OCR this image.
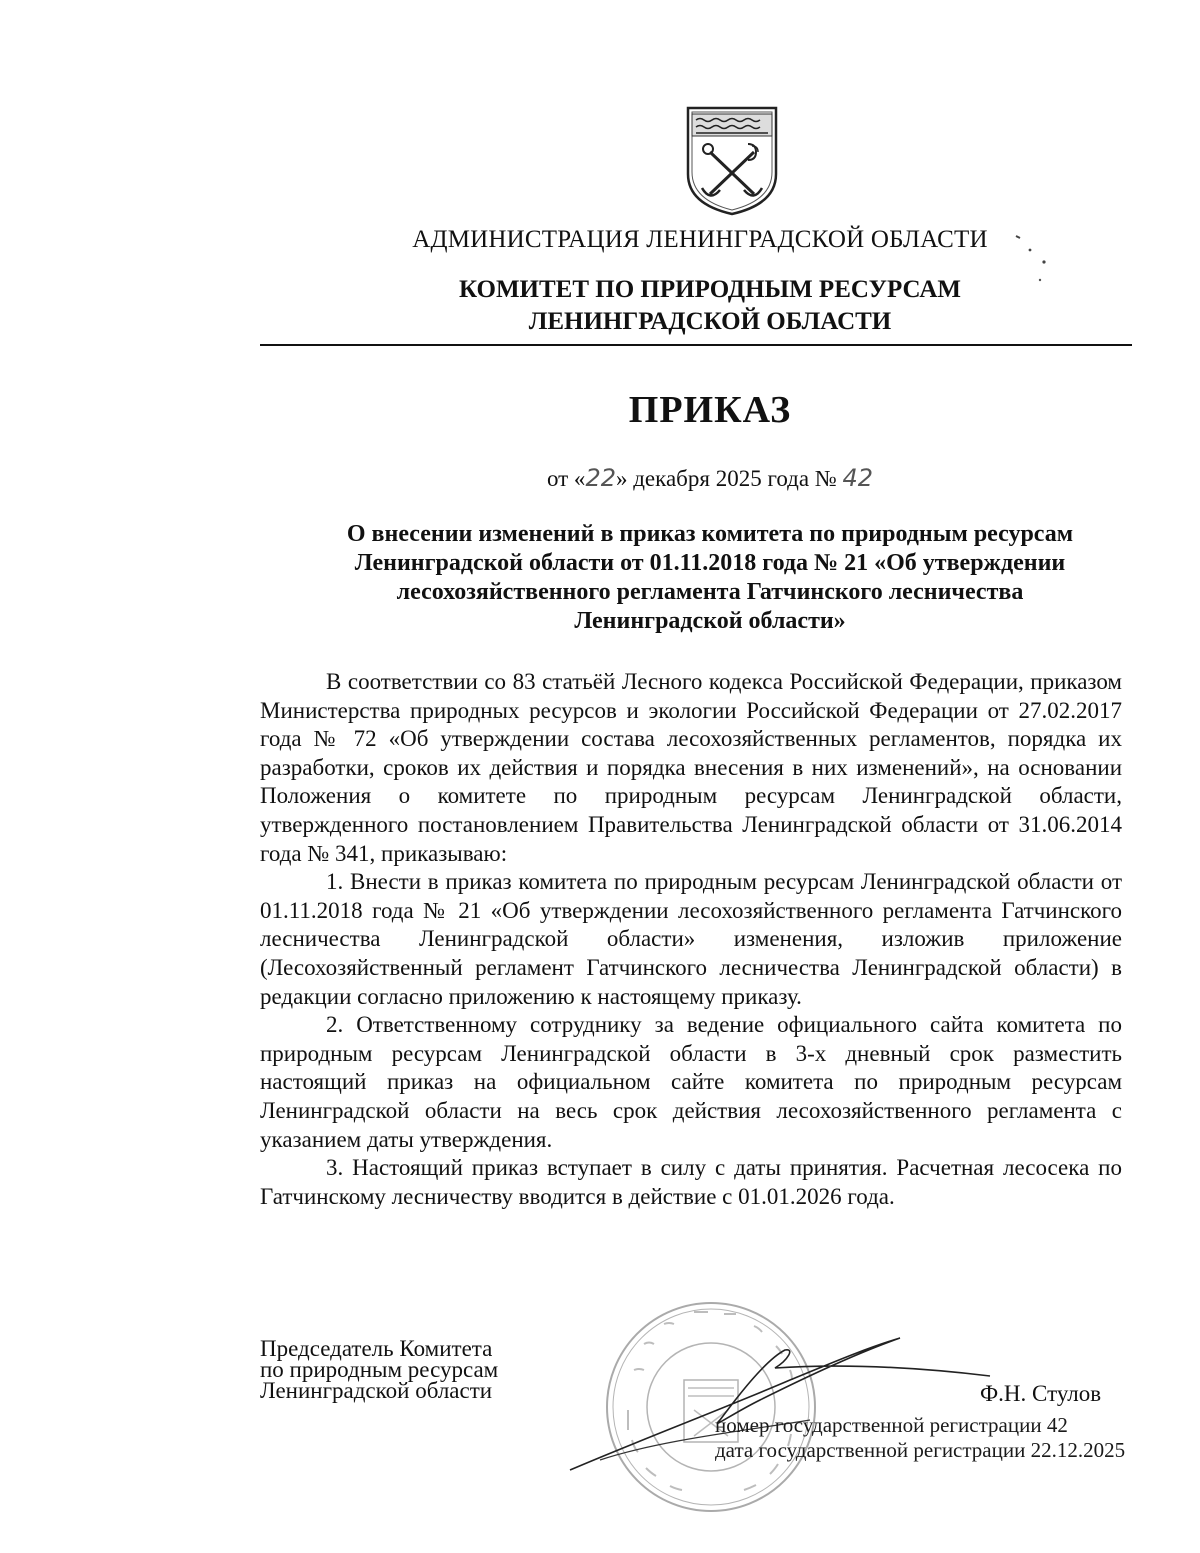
АДМИНИСТРАЦИЯ ЛЕНИНГРАДСКОЙ ОБЛАСТИ
КОМИТЕТ ПО ПРИРОДНЫМ РЕСУРСАМ
ЛЕНИНГРАДСКОЙ ОБЛАСТИ
ПРИКАЗ
от «22» декабря 2025 года № 42
О внесении изменений в приказ комитета по природным ресурсам
Ленинградской области от 01.11.2018 года № 21 «Об утверждении
лесохозяйственного регламента Гатчинского лесничества
Ленинградской области»

В соответствии со 83 статьёй Лесного кодекса Российской Федерации, приказом Министерства природных ресурсов и экологии Российской Федерации от 27.02.2017 года № 72 «Об утверждении состава лесохозяйственных регламентов, порядка их разработки, сроков их действия и порядка внесения в них изменений», на основании Положения о комитете по природным ресурсам Ленинградской области, утвержденного постановлением Правительства Ленинградской области от 31.06.2014 года № 341, приказываю:

1. Внести в приказ комитета по природным ресурсам Ленинградской области от 01.11.2018 года № 21 «Об утверждении лесохозяйственного регламента Гатчинского лесничества Ленинградской области» изменения, изложив приложение (Лесохозяйственный регламент Гатчинского лесничества Ленинградской области) в редакции согласно приложению к настоящему приказу.

2. Ответственному сотруднику за ведение официального сайта комитета по природным ресурсам Ленинградской области в 3-х дневный срок разместить настоящий приказ на официальном сайте комитета по природным ресурсам Ленинградской области на весь срок действия лесохозяйственного регламента с указанием даты утверждения.

3. Настоящий приказ вступает в силу с даты принятия. Расчетная лесосека по Гатчинскому лесничеству вводится в действие с 01.01.2026 года.

Председатель Комитета
по природным ресурсам
Ленинградской области	Ф.Н. Стулов
номер государственной регистрации 42
дата государственной регистрации 22.12.2025
